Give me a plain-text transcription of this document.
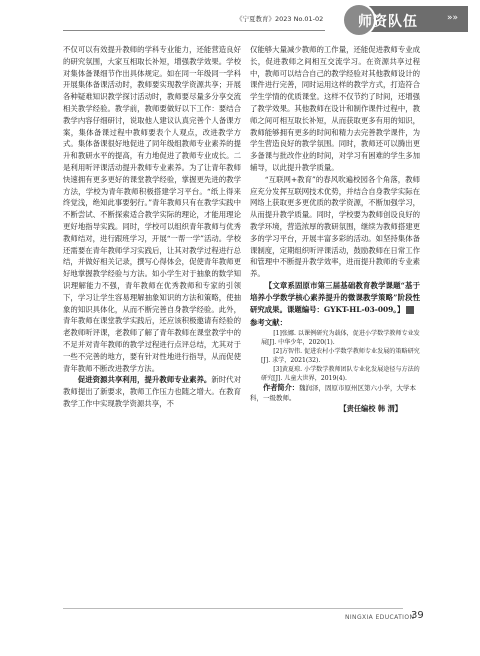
《宁夏教育》2023 No.01-02 师资队伍	»»

不仅可以有效提升教师的学科专业能力，还能营造良好的研究氛围，大家互相取长补短，增强教学效果。学校对集体备课细节作出具体规定。如在同一年级同一学科开展集体备课活动时，教师要实现教学资源共享；开展各种疑难知识教学探讨活动时，教师要尽量多分享交流相关教学经验。教学前，教师要做好以下工作：要结合教学内容仔细研讨，说取他人建议认真完善个人备课方案，集体备课过程中教师要表个人观点，改进教学方式。集体备课很好地促进了同年级组教师专业素养的提升和教研水平的提高，有力地促进了教师专业成长。二是利用听评课活动提升教师专业素养。为了让青年教师快速拥有更多更好的课堂教学经验，掌握更先进的教学方法，学校为青年教师积极搭建学习平台。“纸上得来终觉浅，绝知此事要躬行。”青年教师只有在教学实践中不断尝试、不断探索适合教学实际的理论，才能用理论更好地指导实践。同时，学校可以组织青年教师与优秀教师结对，进行跟班学习，开展“一帮一学”活动。学校还需要在青年教师学习实践后，让其对教学过程进行总结，并做好相关记录，撰写心得体会，促使青年教师更好地掌握教学经验与方法。如小学生对于抽象的数学知识理解能力不强，青年教师在优秀教师和专家的引领下，学习让学生容易理解抽象知识的方法和策略，使抽象的知识具体化，从而不断完善自身教学经验。此外，青年教师在课堂教学实践后，还应该积极邀请有经验的老教师听评课，老教师了解了青年教师在课堂教学中的不足并对青年教师的教学过程进行点评总结，尤其对于一些不完善的地方，要有针对性地进行指导，从而促使青年教师不断改进教学方法。

促进资源共享利用，提升教师专业素养。新时代对教师提出了新要求，教师工作压力也随之增大。在教育教学工作中实现教学资源共享，不

仅能够大量减少教师的工作量，还能促进教师专业成长，促进教师之间相互交流学习。在资源共享过程中，教师可以结合自己的教学经验对其他教师设计的课件进行完善，同时运用这样的教学方式，打造符合学生学情的优质课堂。这样不仅节约了时间，还增强了教学效果。其他教师在设计和制作课件过程中，教师之间可相互取长补短，从而获取更多有用的知识，教师能够拥有更多的时间和精力去完善教学课件，为学生营造良好的教学氛围。同时，教师还可以腾出更多备课与批改作业的时间，对学习有困难的学生多加辅导，以此提升教学质量。

“互联网+教育”的春风吹遍校园各个角落，教师应充分发挥互联网技术优势，并结合自身教学实际在网络上获取更多更优质的教学资源，不断加强学习，从而提升教学质量。同时，学校要为教师创设良好的教学环境，营造浓厚的教研氛围，继续为教师搭建更多的学习平台，开展丰富多彩的活动。如坚持集体备课制度，定期组织听评课活动，鼓励教师在日常工作和管理中不断提升教学效率，进而提升教师的专业素养。

【文章系固原市第三届基础教育教学课题“基于培养小学数学核心素养提升的微课教学策略”阶段性研究成果。课题编号：GYKT-HL-03-009。】

参考文献：

[1]张娜. 以课例研究为载体，促进小学数学教师专业发展[J]. 中华少年，2020(1).

[2]方智伟. 促进农村小学数学教师专业发展的策略研究[J]. 求学，2021(32).

[3]黄夏琼. 小学数学教师团队专业化发展途径与方法的研究[J]. 儿童大世界，2019(4).

作者简介：魏润泽，固原市原州区第六小学，大学本科，一级教师。

【责任编校 韩 渭】

NINGXIA EDUCATION
39
